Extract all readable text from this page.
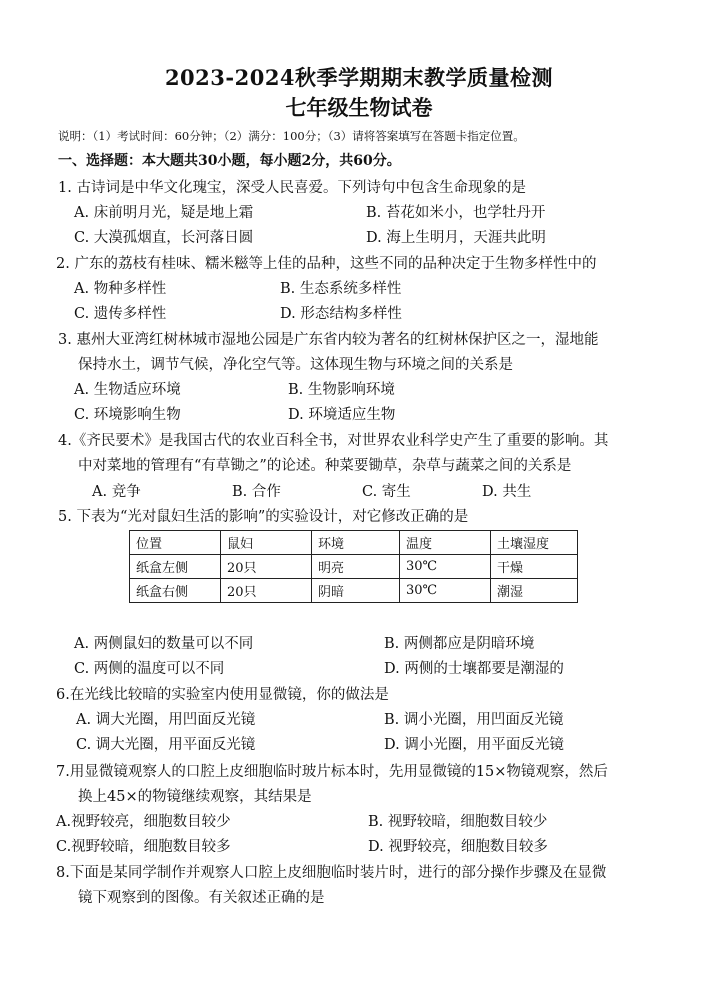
2023-2024秋季学期期末教学质量检测
七年级生物试卷
说明：（1）考试时间：60分钟；（2）满分：100分；（3）请将答案填写在答题卡指定位置。
一、选择题：本大题共30小题，每小题2分，共60分。
1. 古诗词是中华文化瑰宝，深受人民喜爱。下列诗句中包含生命现象的是
A. 床前明月光，疑是地上霜	B. 苔花如米小，也学牡丹开
C. 大漠孤烟直，长河落日圆	D. 海上生明月，天涯共此明
2. 广东的荔枝有桂味、糯米糍等上佳的品种，这些不同的品种决定于生物多样性中的
A. 物种多样性	B. 生态系统多样性
C. 遗传多样性	D. 形态结构多样性
3. 惠州大亚湾红树林城市湿地公园是广东省内较为著名的红树林保护区之一，湿地能
保持水土，调节气候，净化空气等。这体现生物与环境之间的关系是
A. 生物适应环境	B. 生物影响环境
C. 环境影响生物	D. 环境适应生物
4.《齐民要术》是我国古代的农业百科全书，对世界农业科学史产生了重要的影响。其
中对菜地的管理有“有草锄之”的论述。种菜要锄草，杂草与蔬菜之间的关系是
A. 竞争	B. 合作	C. 寄生	D. 共生
5. 下表为“光对鼠妇生活的影响”的实验设计，对它修改正确的是
位置	鼠妇	环境	温度	土壤湿度
纸盒左侧	20只	明亮	30℃	干燥
纸盒右侧	20只	阴暗	30℃	潮湿
A. 两侧鼠妇的数量可以不同	B. 两侧都应是阴暗环境
C. 两侧的温度可以不同	D. 两侧的士壤都要是潮湿的
6.在光线比较暗的实验室内使用显微镜，你的做法是
A. 调大光圈，用凹面反光镜	B. 调小光圈，用凹面反光镜
C. 调大光圈，用平面反光镜	D. 调小光圈，用平面反光镜
7.用显微镜观察人的口腔上皮细胞临时玻片标本时，先用显微镜的15×物镜观察，然后
换上45×的物镜继续观察，其结果是
A.视野较亮，细胞数目较少	B. 视野较暗，细胞数目较少
C.视野较暗，细胞数目较多	D. 视野较亮，细胞数目较多
8.下面是某同学制作并观察人口腔上皮细胞临时装片时，进行的部分操作步骤及在显微
镜下观察到的图像。有关叙述正确的是
